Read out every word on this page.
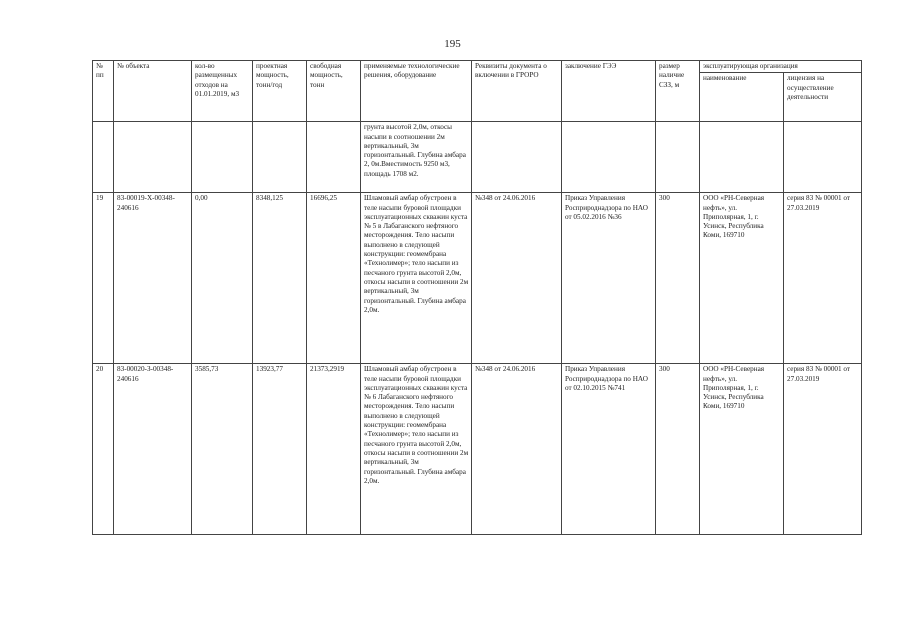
195
№ пп	№ объекта	кол-во размещенных отходов на 01.01.2019, м3	проектная мощность, тонн/год	свободная мощность, тонн	применяемые технологические решения, оборудование	Реквизиты документа о включении в ГРОРО	заключение ГЭЭ	размер наличие СЗЗ, м	эксплуатирующая организация	
									наименование	лицензия на осуществление деятельности
					грунта высотой 2,0м, откосы насыпи в соотношении 2м вертикальный, 3м горизонтальный. Глубина амбара 2, 0м.Вместимость 9250 м3, площадь 1708 м2.					
19	83-00019-Х-00348-240616	0,00	8348,125	16696,25	Шламовый амбар обустроен в теле насыпи буровой площадки эксплуатационных скважин куста № 5 в Лабаганского нефтяного месторождения. Тело насыпи выполнено в следующей конструкции: геомембрана «Технолимер»; тело насыпи из песчаного грунта высотой 2,0м, откосы насыпи в соотношении 2м вертикальный, 3м горизонтальный. Глубина амбара 2,0м.	№348 от 24.06.2016	Приказ Управления Росприроднадзора по НАО от 05.02.2016 №36	300	ООО «РН-Северная нефть», ул. Приполярная, 1, г. Усинск, Республика Коми, 169710	серия 83 № 00001 от 27.03.2019
20	83-00020-З-00348-240616	3585,73	13923,77	21373,2919	Шламовый амбар обустроен в теле насыпи буровой площадки эксплуатационных скважин куста № 6 Лабаганского нефтяного месторождения. Тело насыпи выполнено в следующей конструкции: геомембрана «Технолимер»; тело насыпи из песчаного грунта высотой 2,0м, откосы насыпи в соотношении 2м вертикальный, 3м горизонтальный. Глубина амбара 2,0м.	№348 от 24.06.2016	Приказ Управления Росприроднадзора по НАО от 02.10.2015 №741	300	ООО «РН-Северная нефть», ул. Приполярная, 1, г. Усинск, Республика Коми, 169710	серия 83 № 00001 от 27.03.2019
